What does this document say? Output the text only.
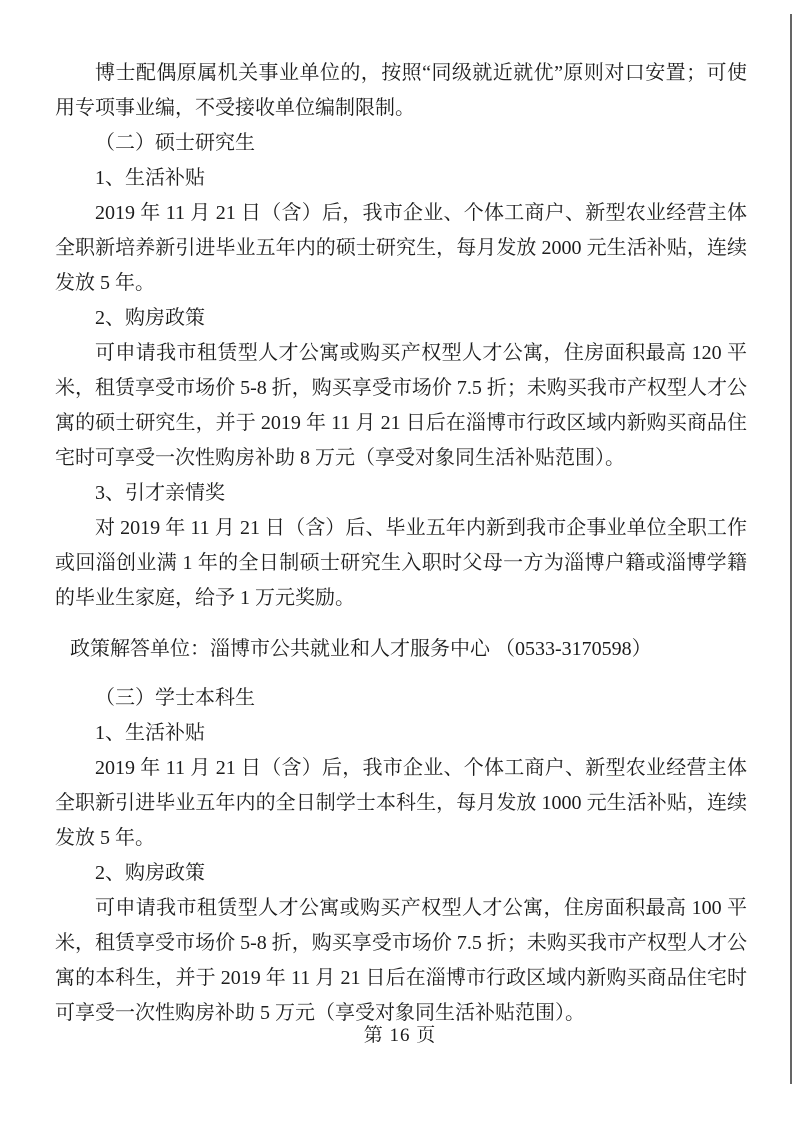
博士配偶原属机关事业单位的，按照“同级就近就优”原则对口安置；可使用专项事业编，不受接收单位编制限制。
（二）硕士研究生
1、生活补贴
2019 年 11 月 21 日（含）后，我市企业、个体工商户、新型农业经营主体全职新培养新引进毕业五年内的硕士研究生，每月发放 2000 元生活补贴，连续发放 5 年。
2、购房政策
可申请我市租赁型人才公寓或购买产权型人才公寓，住房面积最高 120 平米，租赁享受市场价 5-8 折，购买享受市场价 7.5 折；未购买我市产权型人才公寓的硕士研究生，并于 2019 年 11 月 21 日后在淄博市行政区域内新购买商品住宅时可享受一次性购房补助 8 万元（享受对象同生活补贴范围）。
3、引才亲情奖
对 2019 年 11 月 21 日（含）后、毕业五年内新到我市企事业单位全职工作或回淄创业满 1 年的全日制硕士研究生入职时父母一方为淄博户籍或淄博学籍的毕业生家庭，给予 1 万元奖励。
政策解答单位：淄博市公共就业和人才服务中心 （0533-3170598）
（三）学士本科生
1、生活补贴
2019 年 11 月 21 日（含）后，我市企业、个体工商户、新型农业经营主体全职新引进毕业五年内的全日制学士本科生，每月发放 1000 元生活补贴，连续发放 5 年。
2、购房政策
可申请我市租赁型人才公寓或购买产权型人才公寓，住房面积最高 100 平米，租赁享受市场价 5-8 折，购买享受市场价 7.5 折；未购买我市产权型人才公寓的本科生，并于 2019 年 11 月 21 日后在淄博市行政区域内新购买商品住宅时可享受一次性购房补助 5 万元（享受对象同生活补贴范围）。
第 16 页
